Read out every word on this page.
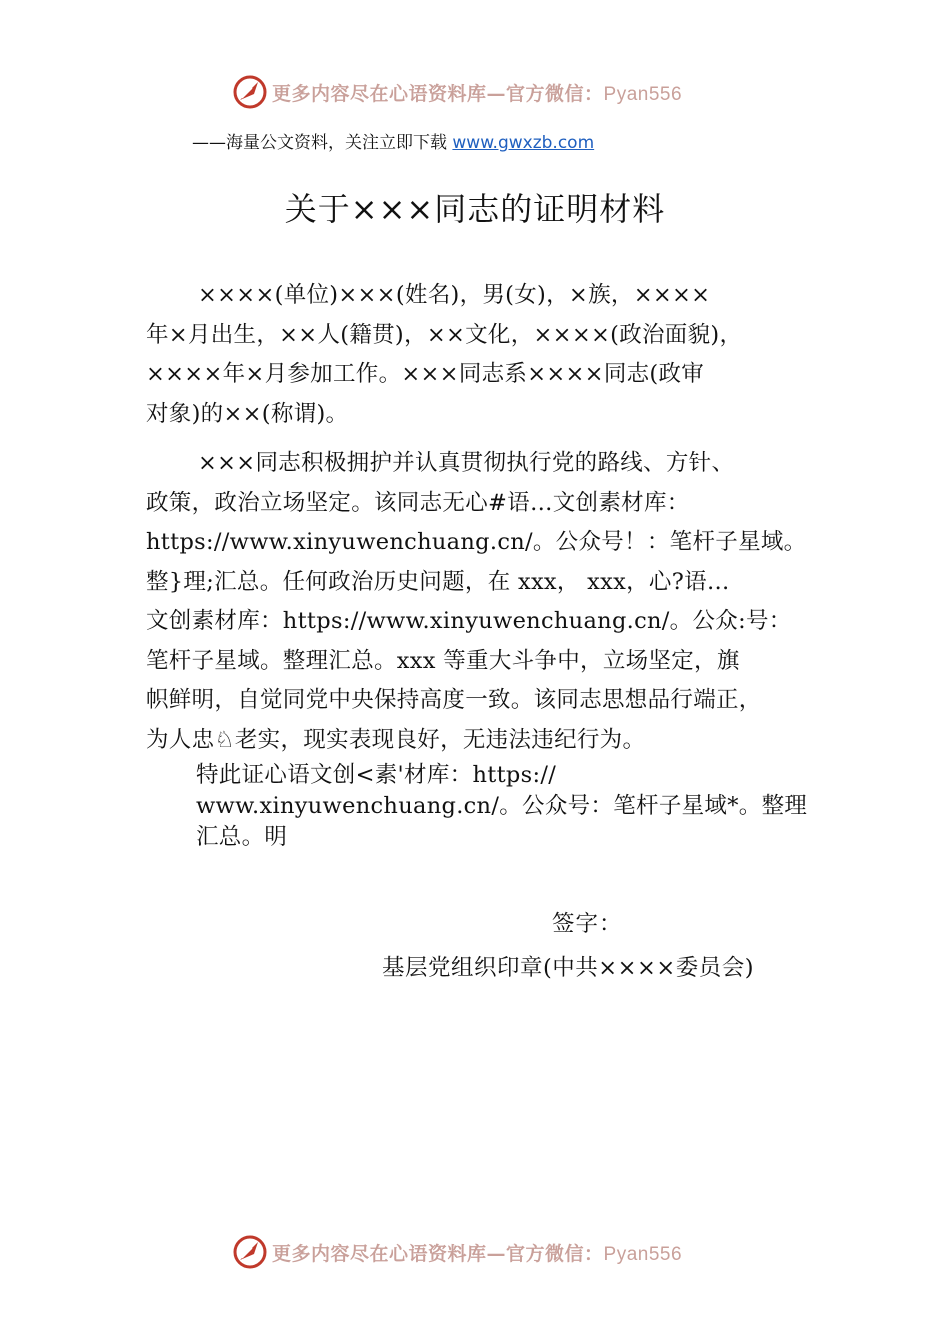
更多内容尽在心语资料库—官方微信：Pyan556
——海量公文资料，关注立即下载 www.gwxzb.com
关于×××同志的证明材料
××××(单位)×××(姓名)，男(女)，×族，××××
年×月出生，××人(籍贯)，××文化，××××(政治面貌)，
××××年×月参加工作。×××同志系××××同志(政审
对象)的××(称谓)。
×××同志积极拥护并认真贯彻执行党的路线、方针、
政策，政治立场坚定。该同志无心#语…文创素材库：
https://www.xinyuwenchuang.cn/。公众号！：笔杆子星域。
整}理;汇总。任何政治历史问题，在 xxx， xxx，心?语…
文创素材库：https://www.xinyuwenchuang.cn/。公众:号：
笔杆子星域。整理汇总。xxx 等重大斗争中，立场坚定，旗
帜鲜明，自觉同党中央保持高度一致。该同志思想品行端正，
为人忠♘老实，现实表现良好，无违法违纪行为。
特此证心语文创<素'材库：https://
www.xinyuwenchuang.cn/。公众号：笔杆子星域*。整理
汇总。明
签字：
基层党组织印章(中共××××委员会)
更多内容尽在心语资料库—官方微信：Pyan556
